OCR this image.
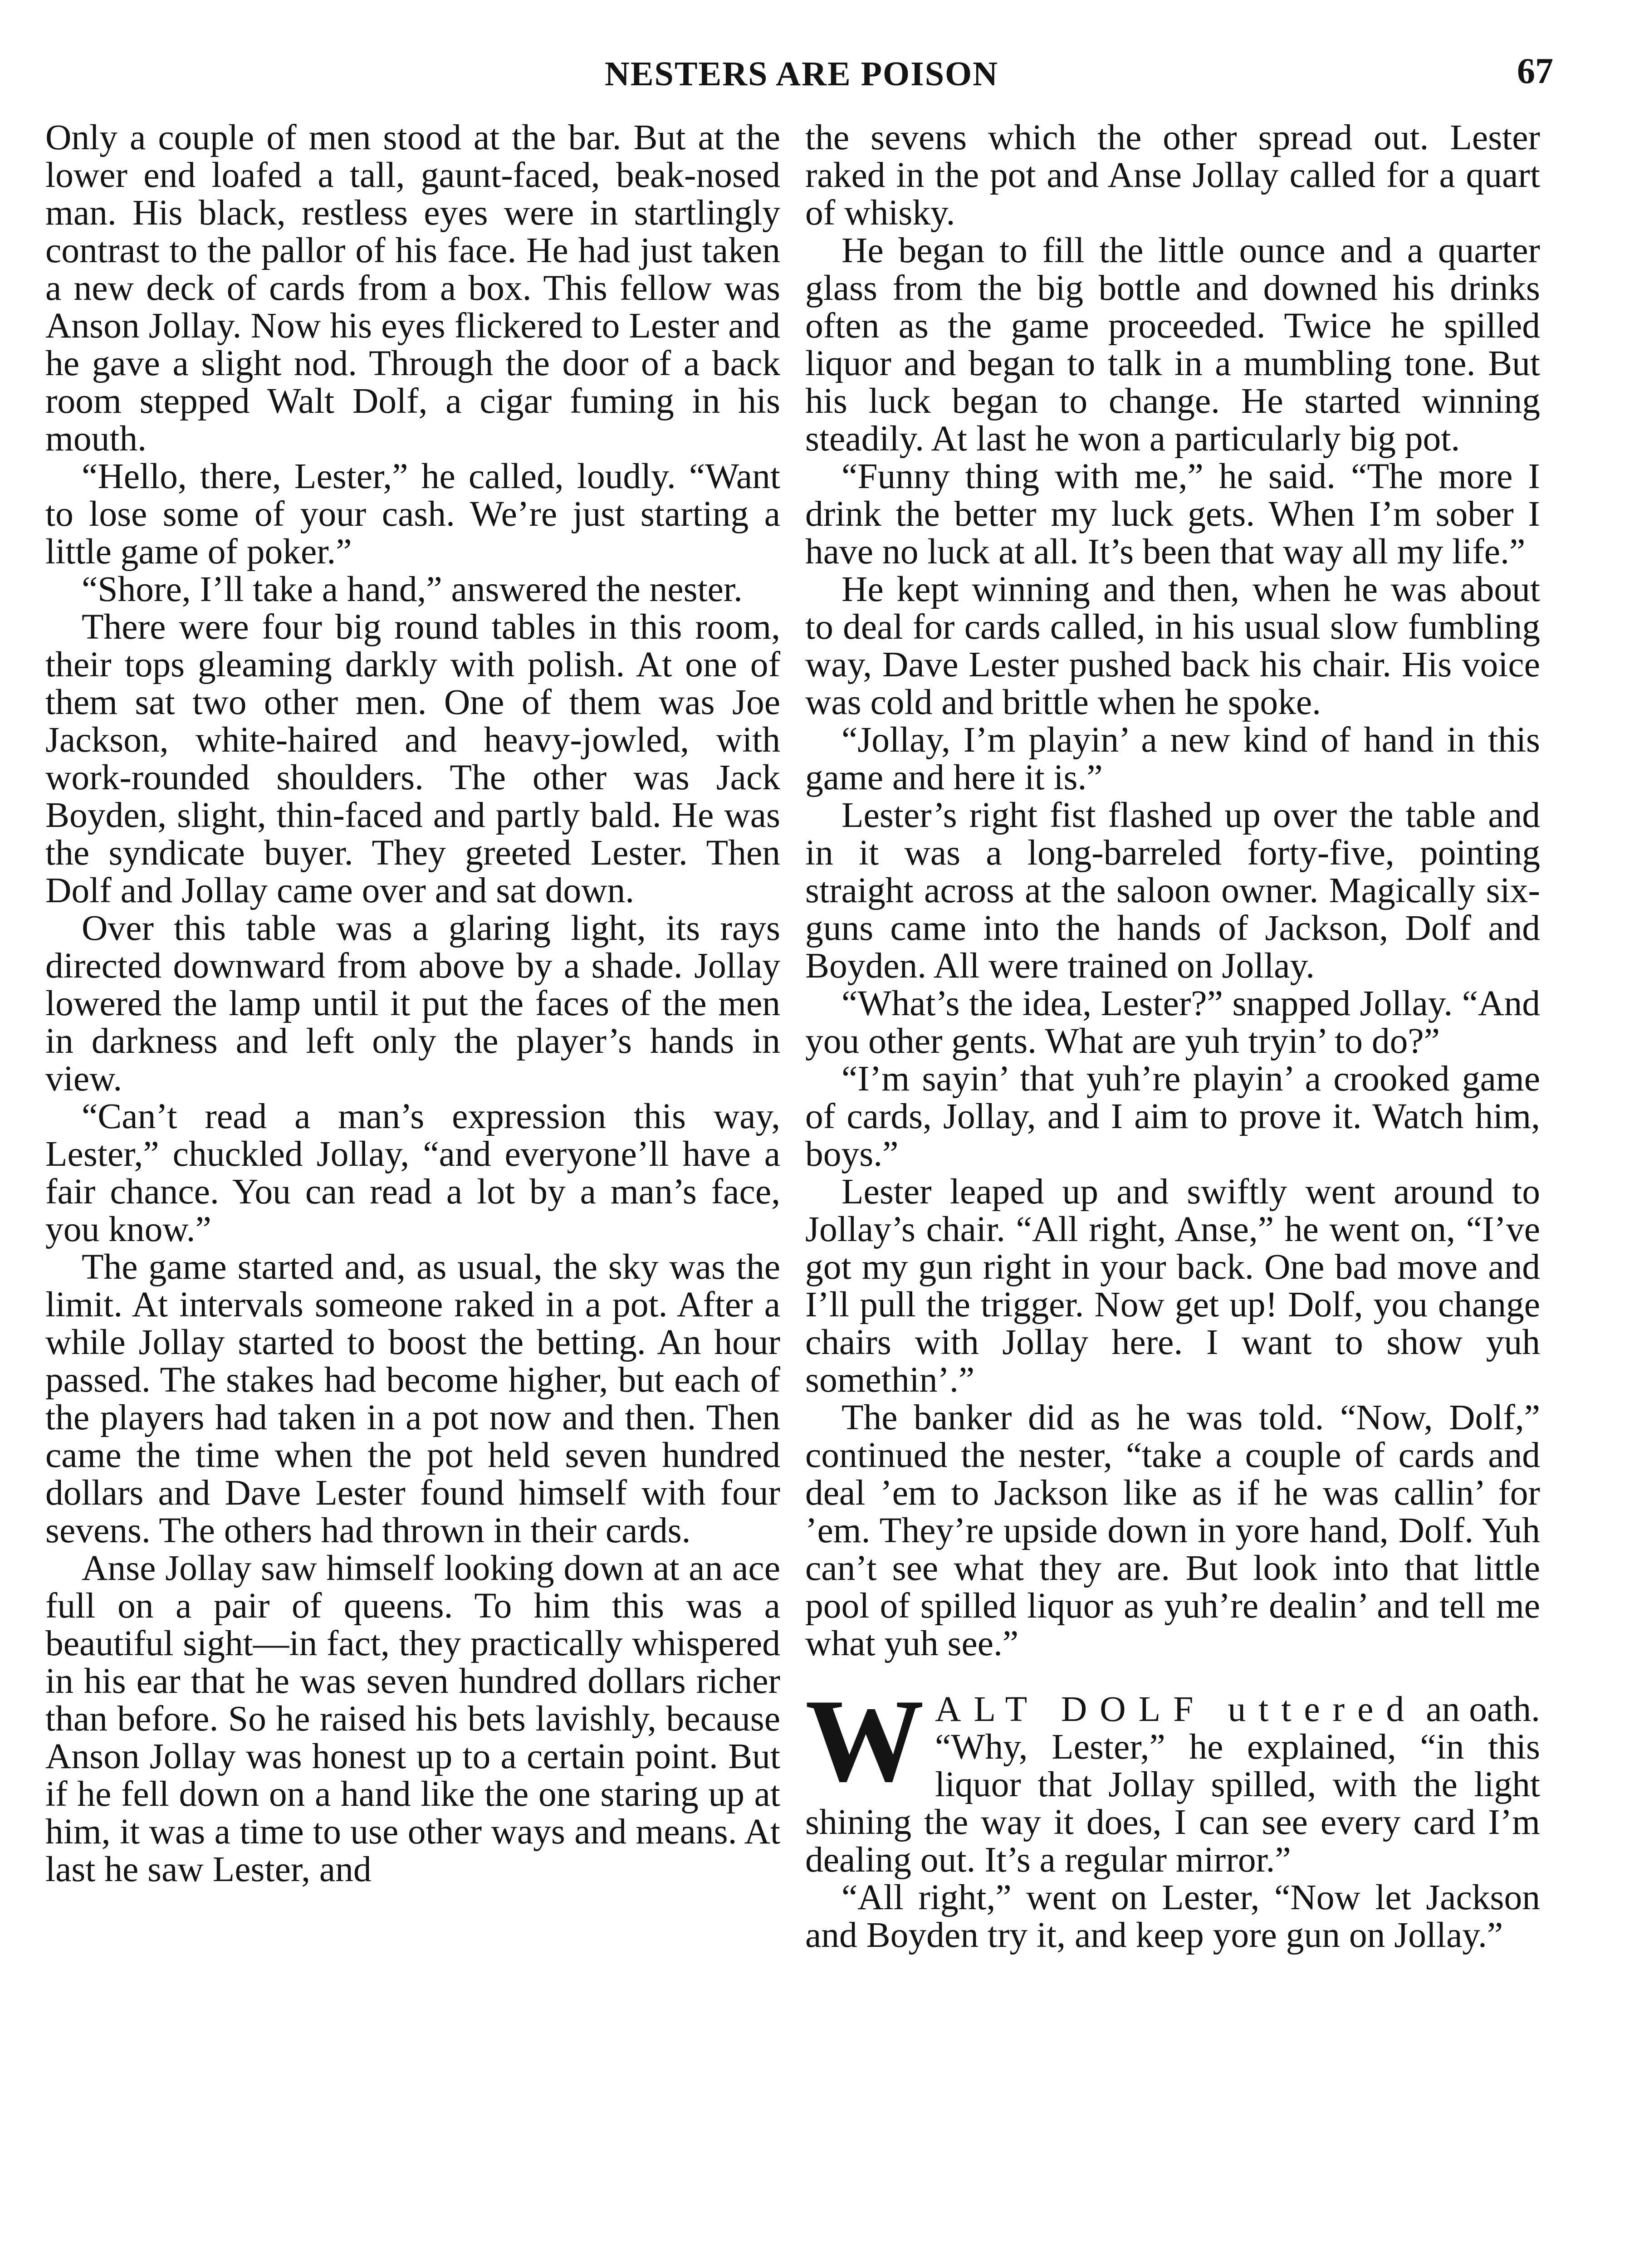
NESTERS ARE POISON	67

Only a couple of men stood at the bar. But at the lower end loafed a tall, gaunt-faced, beak-nosed man. His black, restless eyes were in startlingly contrast to the pallor of his face. He had just taken a new deck of cards from a box. This fellow was Anson Jollay. Now his eyes flickered to Lester and he gave a slight nod. Through the door of a back room stepped Walt Dolf, a cigar fuming in his mouth.

“Hello, there, Lester,” he called, loudly. “Want to lose some of your cash. We’re just starting a little game of poker.”

“Shore, I’ll take a hand,” answered the nester.

There were four big round tables in this room, their tops gleaming darkly with polish. At one of them sat two other men. One of them was Joe Jackson, white-haired and heavy-jowled, with work-rounded shoulders. The other was Jack Boyden, slight, thin-faced and partly bald. He was the syndicate buyer. They greeted Lester. Then Dolf and Jollay came over and sat down.

Over this table was a glaring light, its rays directed downward from above by a shade. Jollay lowered the lamp until it put the faces of the men in darkness and left only the player’s hands in view.

“Can’t read a man’s expression this way, Lester,” chuckled Jollay, “and everyone’ll have a fair chance. You can read a lot by a man’s face, you know.”

The game started and, as usual, the sky was the limit. At intervals someone raked in a pot. After a while Jollay started to boost the betting. An hour passed. The stakes had become higher, but each of the players had taken in a pot now and then. Then came the time when the pot held seven hundred dollars and Dave Lester found himself with four sevens. The others had thrown in their cards.

Anse Jollay saw himself looking down at an ace full on a pair of queens. To him this was a beautiful sight—in fact, they practically whispered in his ear that he was seven hundred dollars richer than before. So he raised his bets lavishly, because Anson Jollay was honest up to a certain point. But if he fell down on a hand like the one staring up at him, it was a time to use other ways and means. At last he saw Lester, and

the sevens which the other spread out. Lester raked in the pot and Anse Jollay called for a quart of whisky.

He began to fill the little ounce and a quarter glass from the big bottle and downed his drinks often as the game proceeded. Twice he spilled liquor and began to talk in a mumbling tone. But his luck began to change. He started winning steadily. At last he won a particularly big pot.

“Funny thing with me,” he said. “The more I drink the better my luck gets. When I’m sober I have no luck at all. It’s been that way all my life.”

He kept winning and then, when he was about to deal for cards called, in his usual slow fumbling way, Dave Lester pushed back his chair. His voice was cold and brittle when he spoke.

“Jollay, I’m playin’ a new kind of hand in this game and here it is.”

Lester’s right fist flashed up over the table and in it was a long-barreled forty-five, pointing straight across at the saloon owner. Magically six-guns came into the hands of Jackson, Dolf and Boyden. All were trained on Jollay.

“What’s the idea, Lester?” snapped Jollay. “And you other gents. What are yuh tryin’ to do?”

“I’m sayin’ that yuh’re playin’ a crooked game of cards, Jollay, and I aim to prove it. Watch him, boys.”

Lester leaped up and swiftly went around to Jollay’s chair. “All right, Anse,” he went on, “I’ve got my gun right in your back. One bad move and I’ll pull the trigger. Now get up! Dolf, you change chairs with Jollay here. I want to show yuh somethin’.”

The banker did as he was told. “Now, Dolf,” continued the nester, “take a couple of cards and deal ’em to Jackson like as if he was callin’ for ’em. They’re upside down in yore hand, Dolf. Yuh can’t see what they are. But look into that little pool of spilled liquor as yuh’re dealin’ and tell me what yuh see.”

WALT DOLF uttered an oath. “Why, Lester,” he explained, “in this liquor that Jollay spilled, with the light shining the way it does, I can see every card I’m dealing out. It’s a regular mirror.”

“All right,” went on Lester, “Now let Jackson and Boyden try it, and keep yore gun on Jollay.”
